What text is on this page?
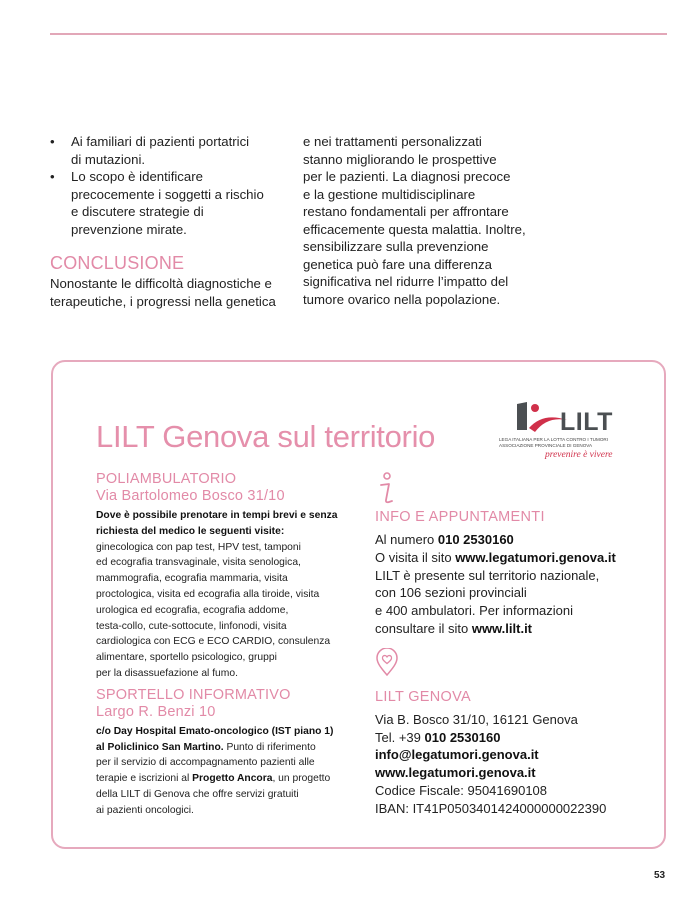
• Ai familiari di pazienti portatrici
di mutazioni.
• Lo scopo è identificare
precocemente i soggetti a rischio
e discutere strategie di
prevenzione mirate.
CONCLUSIONE
Nonostante le difficoltà diagnostiche e
terapeutiche, i progressi nella genetica
e nei trattamenti personalizzati
stanno migliorando le prospettive
per le pazienti. La diagnosi precoce
e la gestione multidisciplinare
restano fondamentali per affrontare
efficacemente questa malattia. Inoltre,
sensibilizzare sulla prevenzione
genetica può fare una differenza
significativa nel ridurre l’impatto del
tumore ovarico nella popolazione.
LILT Genova sul territorio	LILT
LEGA ITALIANA PER LA LOTTA CONTRO I TUMORI
ASSOCIAZIONE PROVINCIALE DI GENOVA
prevenire è vivere
POLIAMBULATORIO
Via Bartolomeo Bosco 31/10
Dove è possibile prenotare in tempi brevi e senza
richiesta del medico le seguenti visite:
ginecologica con pap test, HPV test, tamponi
ed ecografia transvaginale, visita senologica,
mammografia, ecografia mammaria, visita
proctologica, visita ed ecografia alla tiroide, visita
urologica ed ecografia, ecografia addome,
testa-collo, cute-sottocute, linfonodi, visita
cardiologica con ECG e ECO CARDIO, consulenza
alimentare, sportello psicologico, gruppi
per la disassuefazione al fumo.
SPORTELLO INFORMATIVO
Largo R. Benzi 10
c/o Day Hospital Emato-oncologico (IST piano 1)
al Policlinico San Martino. Punto di riferimento
per il servizio di accompagnamento pazienti alle
terapie e iscrizioni al Progetto Ancora, un progetto
della LILT di Genova che offre servizi gratuiti
ai pazienti oncologici.
INFO E APPUNTAMENTI
Al numero 010 2530160
O visita il sito www.legatumori.genova.it
LILT è presente sul territorio nazionale,
con 106 sezioni provinciali
e 400 ambulatori. Per informazioni
consultare il sito www.lilt.it
LILT GENOVA
Via B. Bosco 31/10, 16121 Genova
Tel. +39 010 2530160
info@legatumori.genova.it
www.legatumori.genova.it
Codice Fiscale: 95041690108
IBAN: IT41P0503401424000000022390
53
